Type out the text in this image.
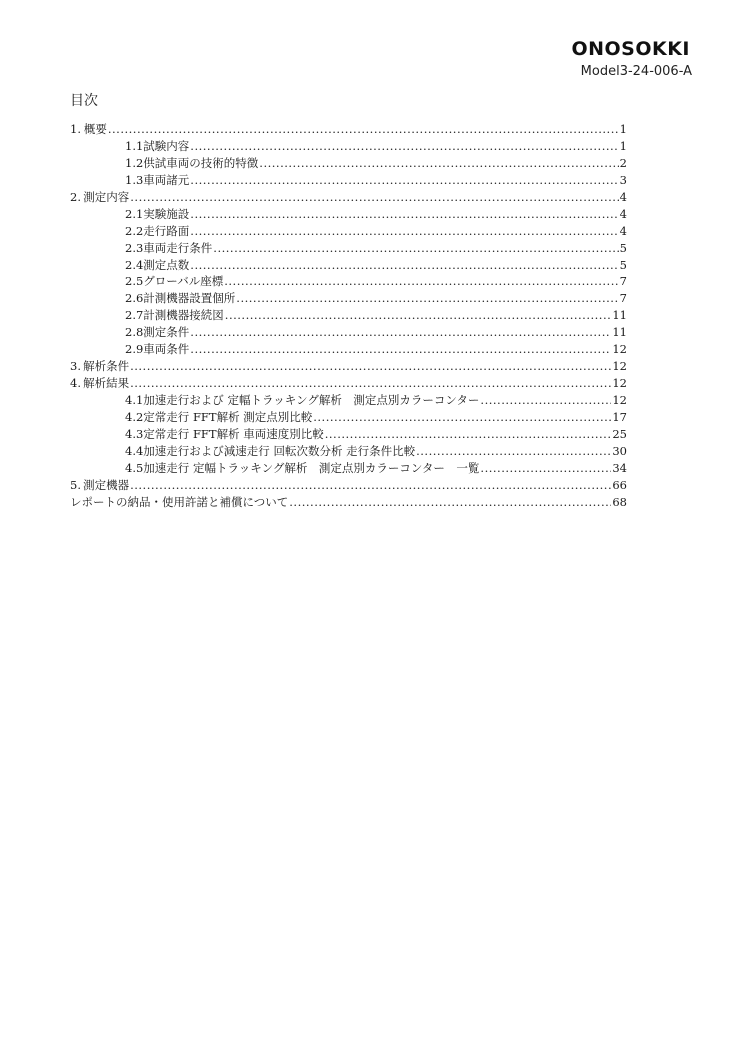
ONOSOKKI
Model3-24-006-A
目次
1. 概要 .....	1
1.1 試験内容 .....	1
1.2 供試車両の技術的特徴 .....	2
1.3 車両諸元 .....	3
2. 測定内容 .....	4
2.1 実験施設 .....	4
2.2 走行路面 .....	4
2.3 車両走行条件 .....	5
2.4 測定点数 .....	5
2.5 グローバル座標 .....	7
2.6 計測機器設置個所 .....	7
2.7 計測機器接続図 .....	11
2.8 測定条件 .....	11
2.9 車両条件 .....	12
3. 解析条件 .....	12
4. 解析結果 .....	12
4.1 加速走行および 定幅トラッキング解析　測定点別カラーコンター .....	12
4.2 定常走行 FFT解析 測定点別比較 .....	17
4.3 定常走行 FFT解析 車両速度別比較 .....	25
4.4 加速走行および減速走行 回転次数分析 走行条件比較 .....	30
4.5 加速走行 定幅トラッキング解析　測定点別カラーコンター　一覧 .....	34
5. 測定機器 .....	66
レポートの納品・使用許諾と補償について .....	68
